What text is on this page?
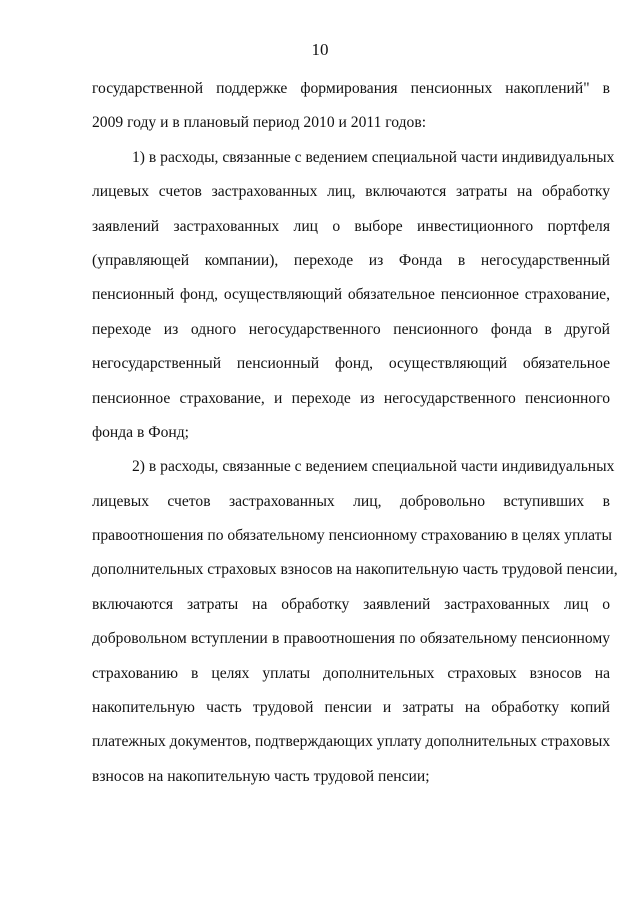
10
государственной поддержке формирования пенсионных накоплений" в
2009 году и в плановый период 2010 и 2011 годов:
1) в расходы, связанные с ведением специальной части индивидуальных
лицевых счетов застрахованных лиц, включаются затраты на обработку
заявлений застрахованных лиц о выборе инвестиционного портфеля
(управляющей компании), переходе из Фонда в негосударственный
пенсионный фонд, осуществляющий обязательное пенсионное страхование,
переходе из одного негосударственного пенсионного фонда в другой
негосударственный пенсионный фонд, осуществляющий обязательное
пенсионное страхование, и переходе из негосударственного пенсионного
фонда в Фонд;
2) в расходы, связанные с ведением специальной части индивидуальных
лицевых счетов застрахованных лиц, добровольно вступивших в
правоотношения по обязательному пенсионному страхованию в целях уплаты
дополнительных страховых взносов на накопительную часть трудовой пенсии,
включаются затраты на обработку заявлений застрахованных лиц о
добровольном вступлении в правоотношения по обязательному пенсионному
страхованию в целях уплаты дополнительных страховых взносов на
накопительную часть трудовой пенсии и затраты на обработку копий
платежных документов, подтверждающих уплату дополнительных страховых
взносов на накопительную часть трудовой пенсии;
